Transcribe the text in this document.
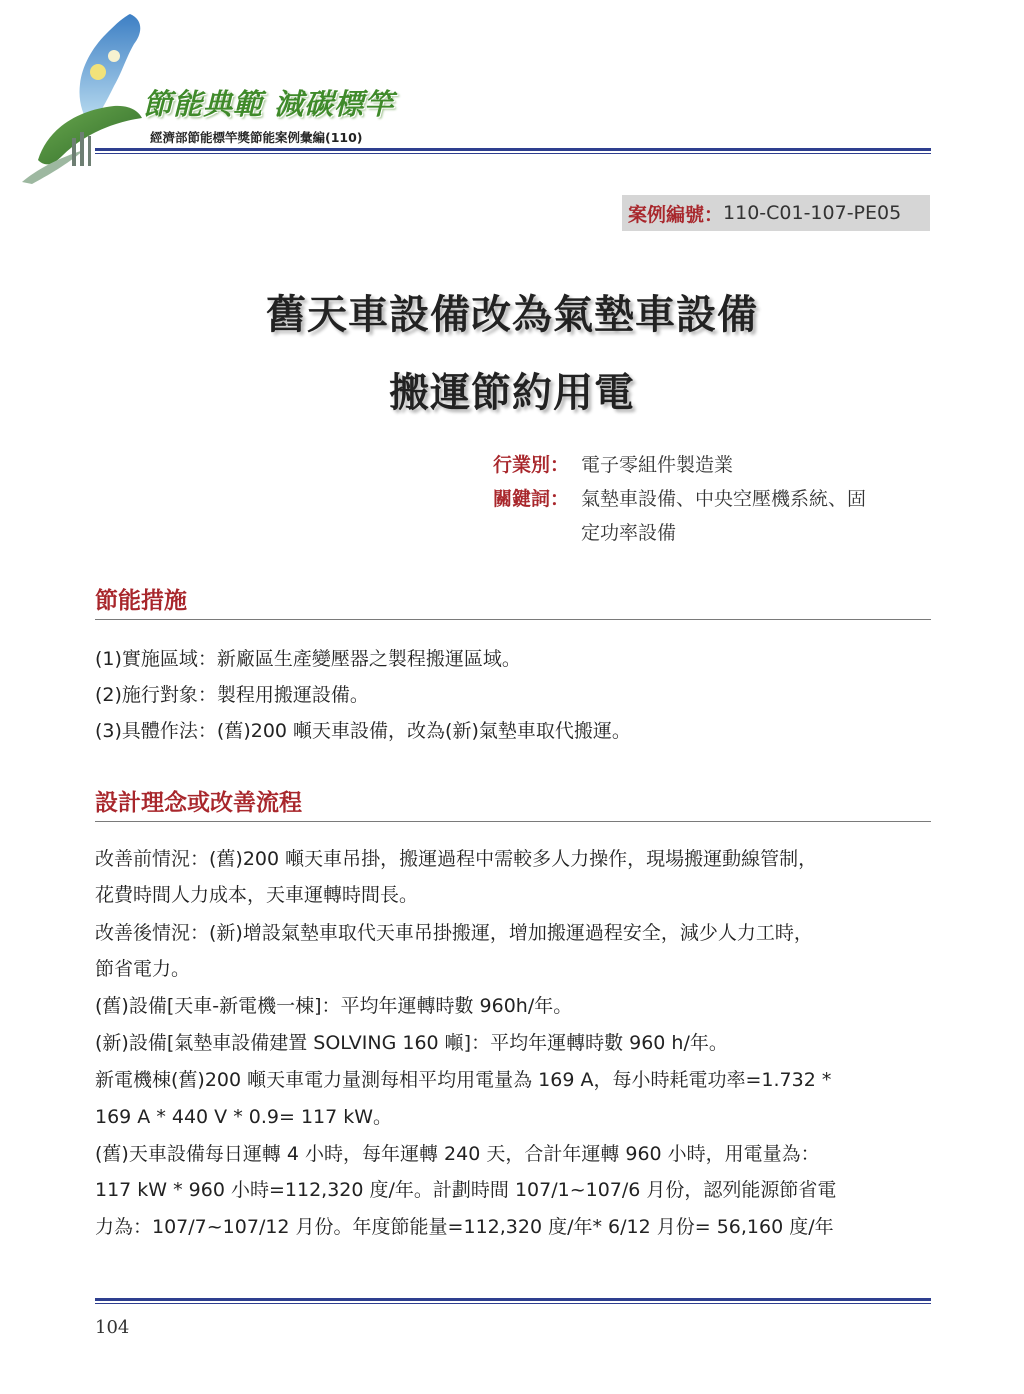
節能典範 減碳標竿
經濟部節能標竿獎節能案例彙編(110)
案例編號： 110-C01-107-PE05
舊天車設備改為氣墊車設備
搬運節約用電
行業別： 電子零組件製造業
關鍵詞： 氣墊車設備、中央空壓機系統、固
定功率設備
節能措施
(1)實施區域：新廠區生產變壓器之製程搬運區域。
(2)施行對象：製程用搬運設備。
(3)具體作法：(舊)200 噸天車設備，改為(新)氣墊車取代搬運。
設計理念或改善流程
改善前情況：(舊)200 噸天車吊掛，搬運過程中需較多人力操作，現場搬運動線管制，
花費時間人力成本，天車運轉時間長。
改善後情況：(新)增設氣墊車取代天車吊掛搬運，增加搬運過程安全，減少人力工時，
節省電力。
(舊)設備[天車-新電機一棟]：平均年運轉時數 960h/年。
(新)設備[氣墊車設備建置 SOLVING 160 噸]：平均年運轉時數 960 h/年。
新電機棟(舊)200 噸天車電力量測每相平均用電量為 169 A，每小時耗電功率=1.732 *
169 A * 440 V * 0.9= 117 kW。
(舊)天車設備每日運轉 4 小時，每年運轉 240 天，合計年運轉 960 小時，用電量為：
117 kW * 960 小時=112,320 度/年。計劃時間 107/1~107/6 月份，認列能源節省電
力為：107/7~107/12 月份。年度節能量=112,320 度/年* 6/12 月份= 56,160 度/年
104
